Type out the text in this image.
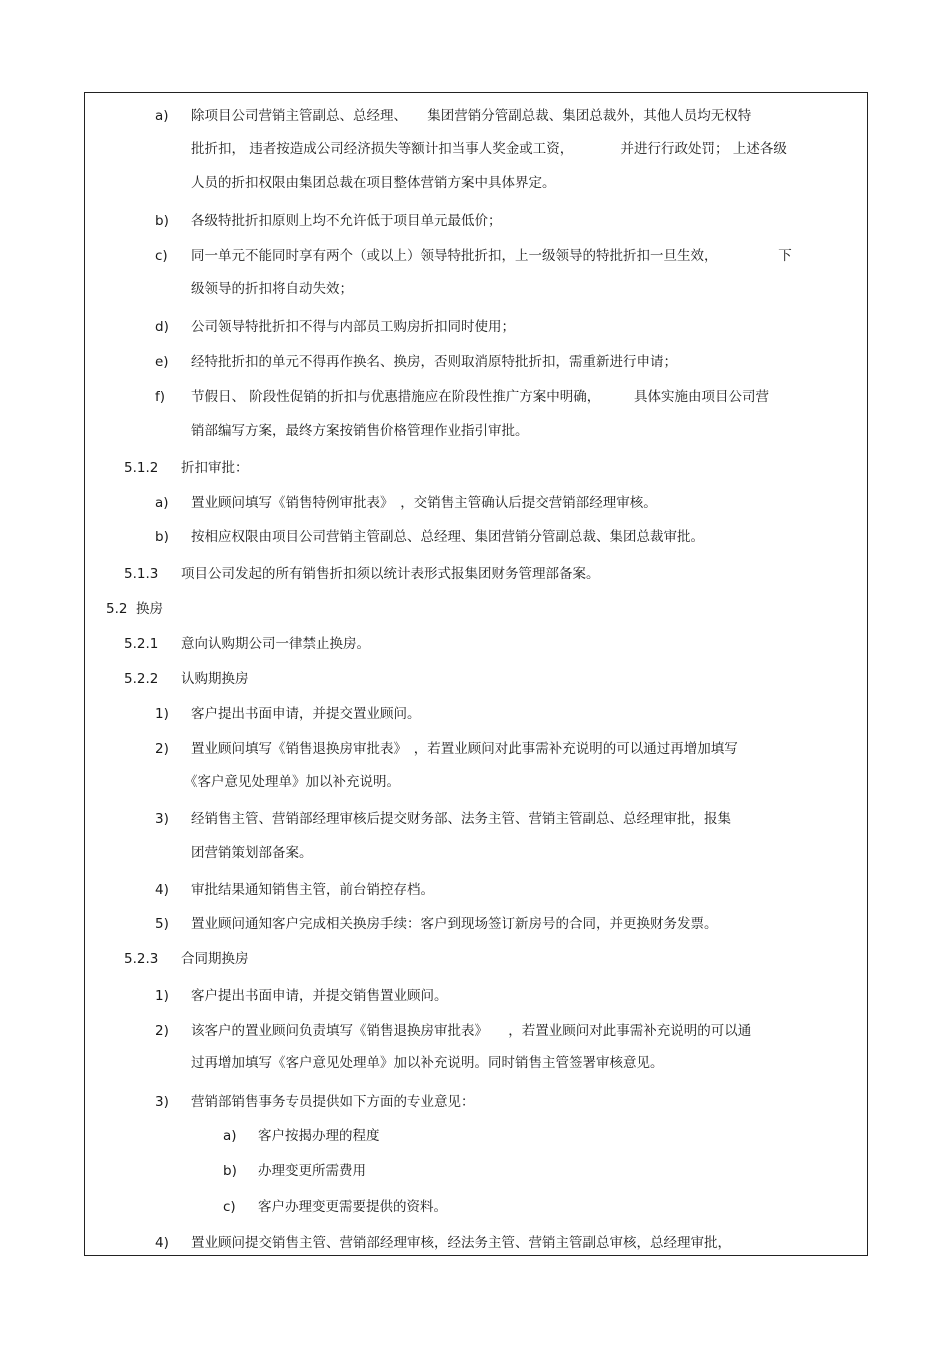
a) 除项目公司营销主管副总、总经理、　　集团营销分管副总裁、集团总裁外，其他人员均无权特
批折扣， 违者按造成公司经济损失等额计扣当事人奖金或工资，　　　　并进行行政处罚； 上述各级
人员的折扣权限由集团总裁在项目整体营销方案中具体界定。
b) 各级特批折扣原则上均不允许低于项目单元最低价；
c) 同一单元不能同时享有两个（或以上）领导特批折扣，上一级领导的特批折扣一旦生效，　　　　　下
级领导的折扣将自动失效；
d) 公司领导特批折扣不得与内部员工购房折扣同时使用；
e) 经特批折扣的单元不得再作换名、换房，否则取消原特批折扣，需重新进行申请；
f) 节假日、 阶段性促销的折扣与优惠措施应在阶段性推广方案中明确，　　　具体实施由项目公司营
销部编写方案，最终方案按销售价格管理作业指引审批。
5.1.2 折扣审批：
a) 置业顾问填写《销售特例审批表》　，交销售主管确认后提交营销部经理审核。
b) 按相应权限由项目公司营销主管副总、总经理、集团营销分管副总裁、集团总裁审批。
5.1.3 项目公司发起的所有销售折扣须以统计表形式报集团财务管理部备案。
5.2 换房
5.2.1 意向认购期公司一律禁止换房。
5.2.2 认购期换房
1) 客户提出书面申请，并提交置业顾问。
2) 置业顾问填写《销售退换房审批表》　，若置业顾问对此事需补充说明的可以通过再增加填写
《客户意见处理单》加以补充说明。
3) 经销售主管、营销部经理审核后提交财务部、法务主管、营销主管副总、总经理审批，报集
团营销策划部备案。
4) 审批结果通知销售主管，前台销控存档。
5) 置业顾问通知客户完成相关换房手续：客户到现场签订新房号的合同，并更换财务发票。
5.2.3 合同期换房
1) 客户提出书面申请，并提交销售置业顾问。
2) 该客户的置业顾问负责填写《销售退换房审批表》　　，若置业顾问对此事需补充说明的可以通
过再增加填写《客户意见处理单》加以补充说明。同时销售主管签署审核意见。
3) 营销部销售事务专员提供如下方面的专业意见：
a) 客户按揭办理的程度
b) 办理变更所需费用
c) 客户办理变更需要提供的资料。
4) 置业顾问提交销售主管、营销部经理审核，经法务主管、营销主管副总审核，总经理审批，
